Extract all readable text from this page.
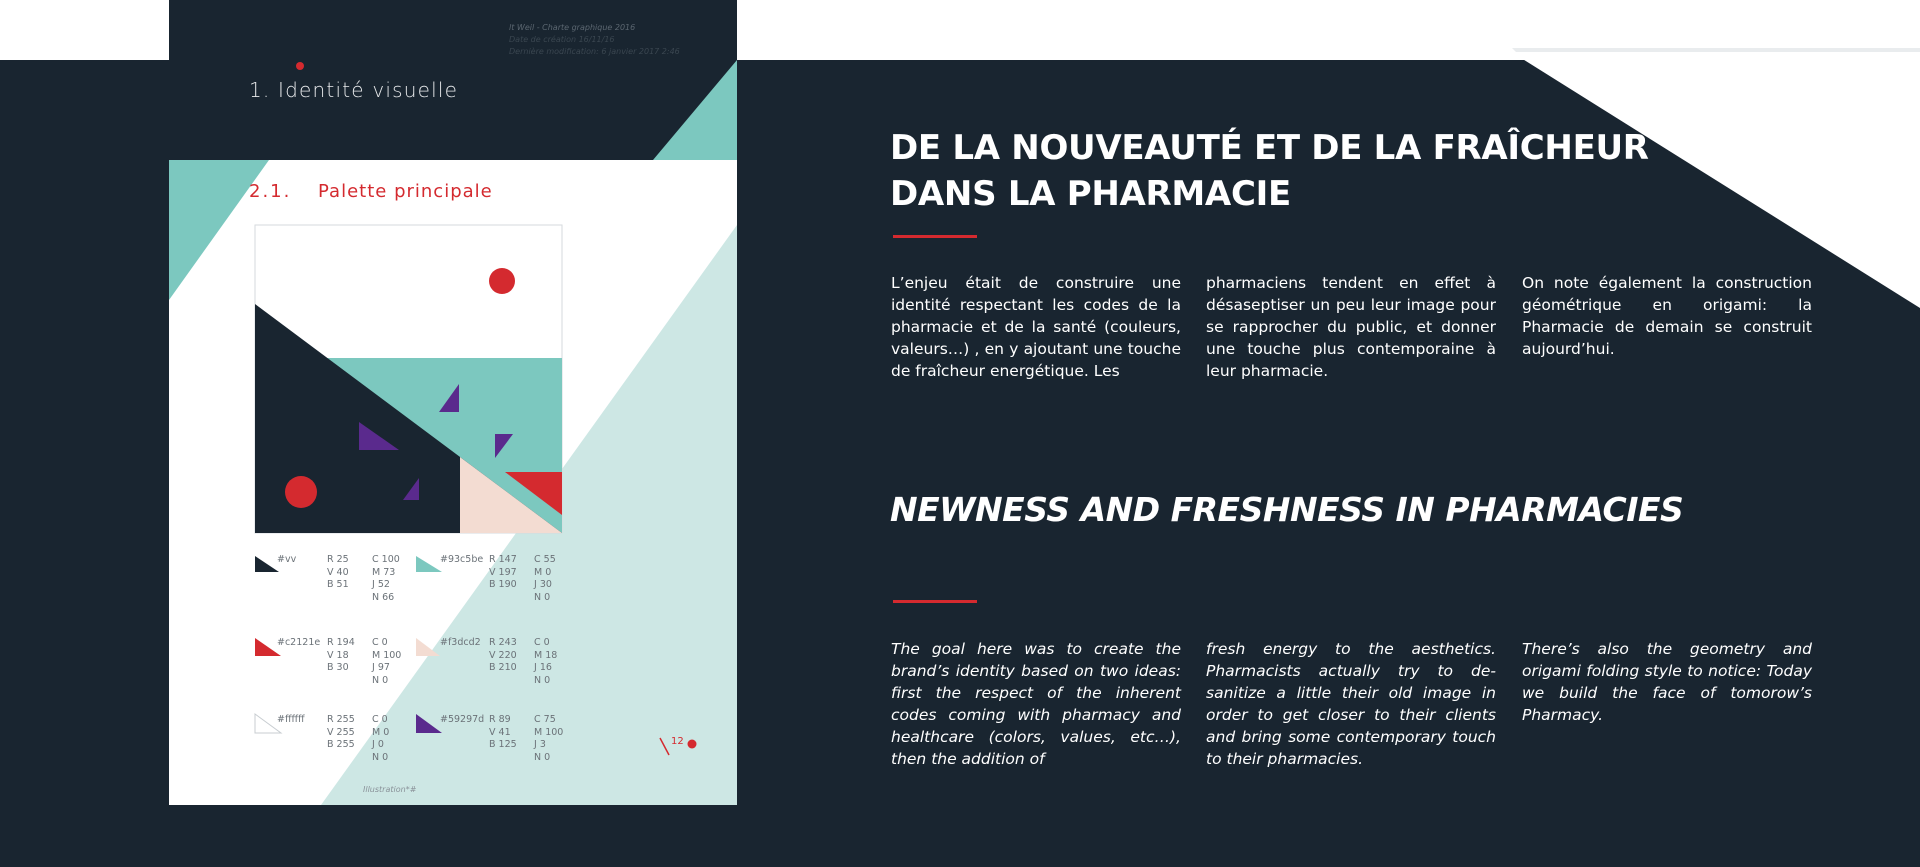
lt Weil - Charte graphique 2016
Date de création 16/11/16
Dernière modification: 6 janvier 2017 2:46
1. Identité visuelle
2.1. Palette principale
#vv	R 25
V 40
B 51
C 100
M 73
J 52
N 66
#93c5be R 147
V 197
B 190
C 55
M 0
J 30
N 0
#c2121e R 194
V 18
B 30
C 0
M 100
J 97
N 0
#f3dcd2 R 243
V 220
B 210
C 0
M 18
J 16
N 0
#ffffff R 255
V 255
B 255
C 0
M 0
J 0
N 0
#59297d R 89
V 41
B 125
C 75
M 100
J 3
N 0
12
Illustration*#
DE LA NOUVEAUTÉ ET DE LA FRAÎCHEUR
DANS LA PHARMACIE
L’enjeu était de construire une identité respectant les codes de la pharmacie et de la santé (couleurs, valeurs…) , en y ajoutant une touche de fraîcheur energétique. Les
pharmaciens tendent en effet à désaseptiser un peu leur image pour se rapprocher du public, et donner une touche plus contemporaine à leur pharmacie.
On note également la construction géométrique en origami: la Pharmacie de demain se construit aujourd’hui.
NEWNESS AND FRESHNESS IN PHARMACIES
The goal here was to create the brand’s identity based on two ideas: first the respect of the inherent codes coming with pharmacy and healthcare (colors, values, etc…), then the addition of
fresh energy to the aesthetics. Pharmacists actually try to de-sanitize a little their old image in order to get closer to their clients and bring some contemporary touch to their pharmacies.
There’s also the geometry and origami folding style to notice: Today we build the face of tomorow’s Pharmacy.
